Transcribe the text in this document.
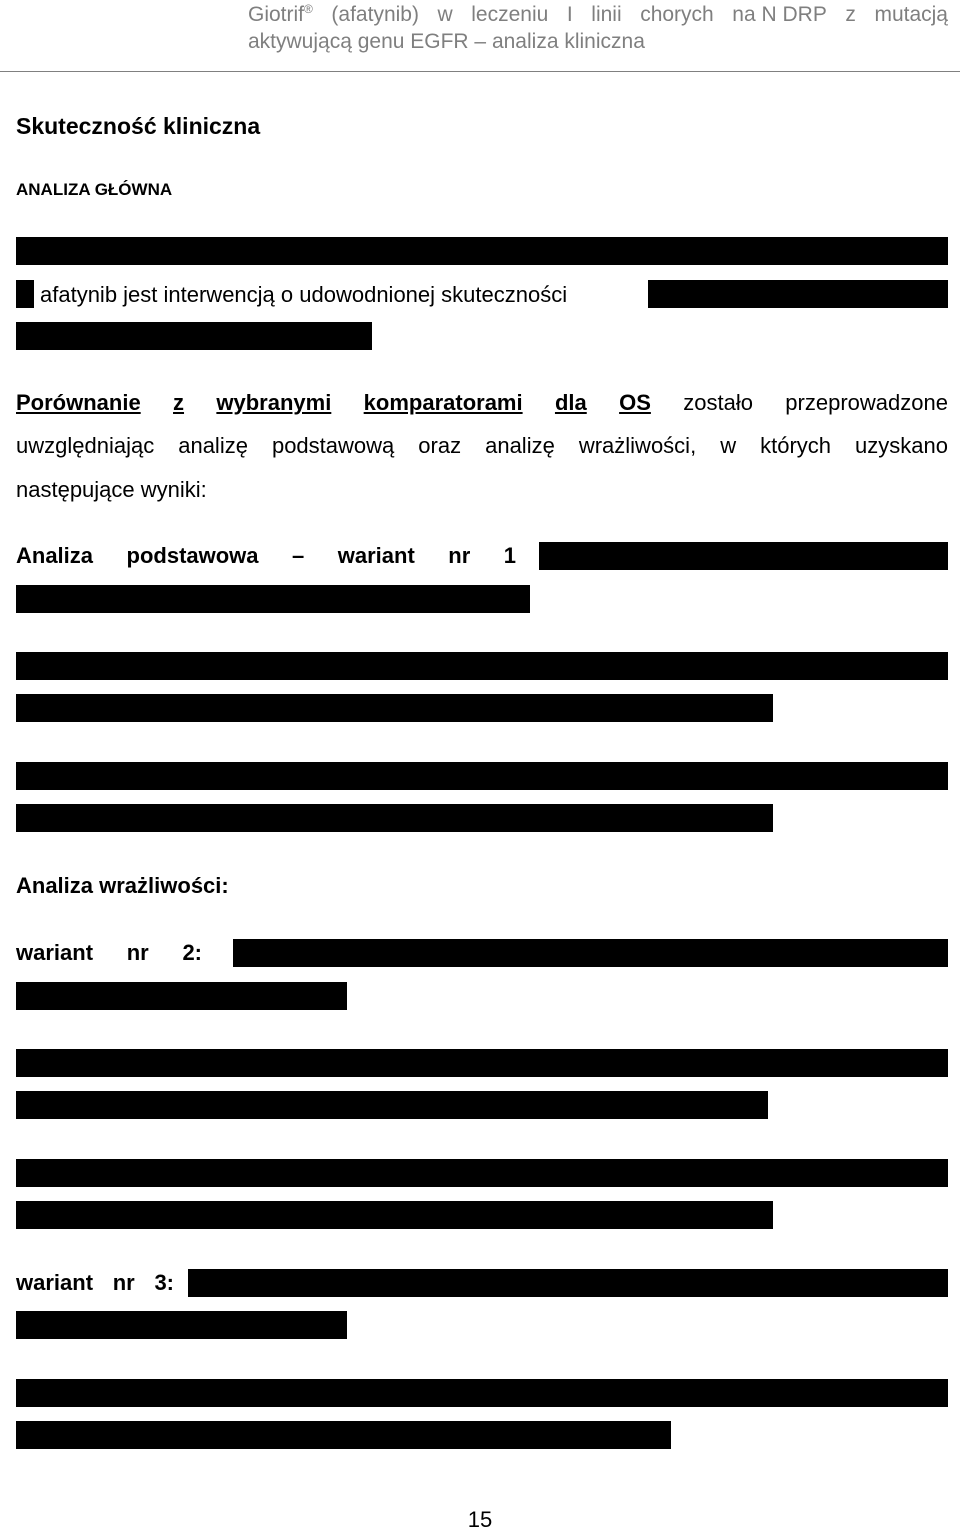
Giotrif® (afatynib) w leczeniu I linii chorych na N DRP z mutacją
aktywującą genu EGFR – analiza kliniczna
Skuteczność kliniczna
ANALIZA GŁÓWNA
afatynib jest interwencją o udowodnionej skuteczności
Porównanie z wybranymi komparatorami dla OS zostało przeprowadzone
uwzględniając analizę podstawową oraz analizę wrażliwości, w których uzyskano
następujące wyniki:
Analiza podstawowa – wariant nr 1
Analiza wrażliwości:
wariant nr 2:
wariant nr 3:
15
